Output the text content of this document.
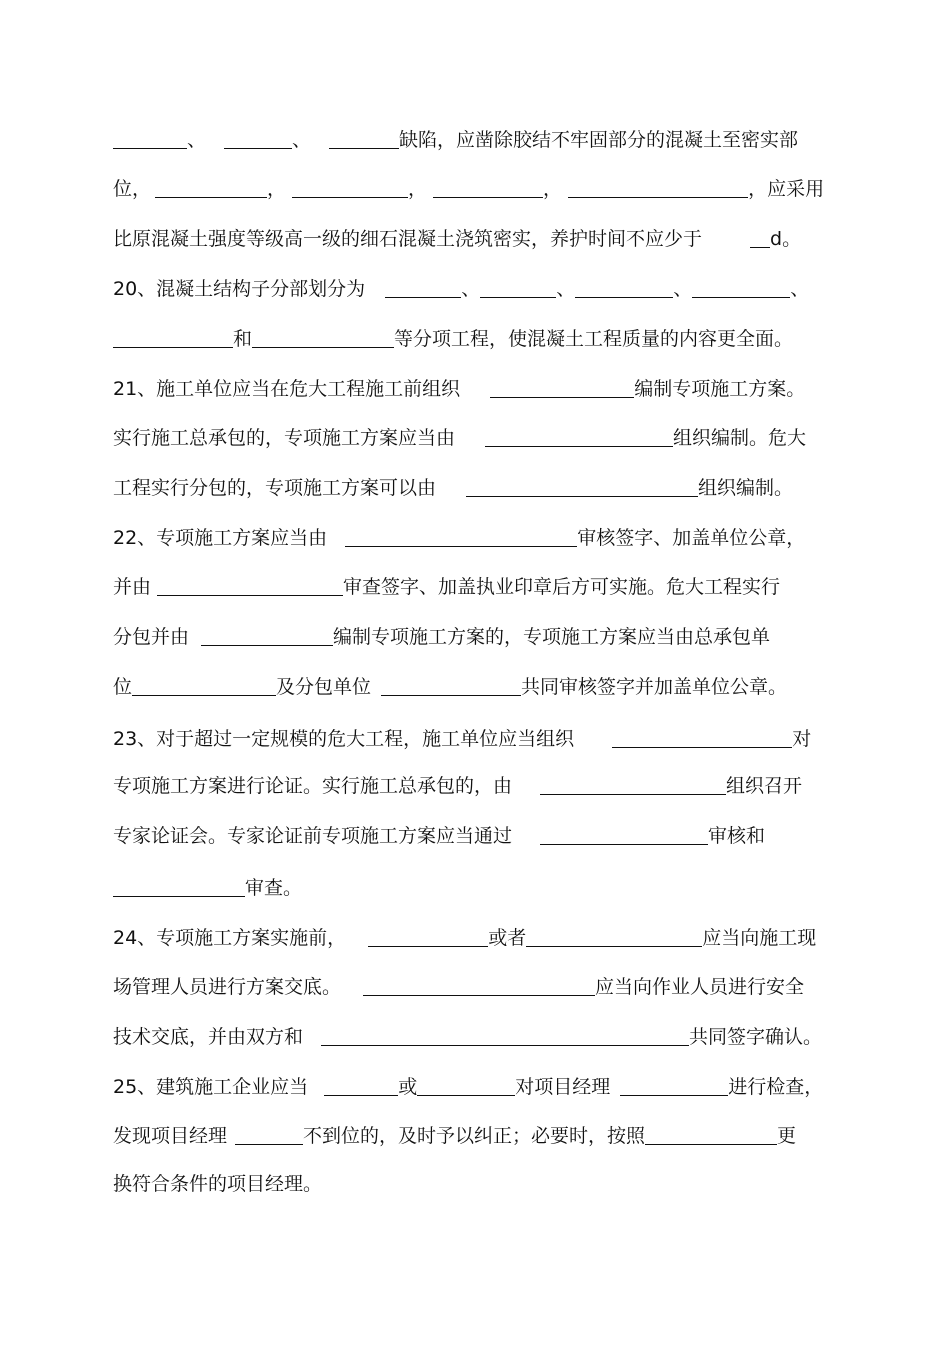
、	、	缺陷，应凿除胶结不牢固部分的混凝土至密实部
位，	，	，	，	，应采用
比原混凝土强度等级高一级的细石混凝土浇筑密实，养护时间不应少于	d。
20、混凝土结构子分部划分为	、	、	、	、
和	等分项工程，使混凝土工程质量的内容更全面。
21、施工单位应当在危大工程施工前组织	编制专项施工方案。
实行施工总承包的，专项施工方案应当由	组织编制。危大
工程实行分包的，专项施工方案可以由	组织编制。
22、专项施工方案应当由	审核签字、加盖单位公章，
并由	审查签字、加盖执业印章后方可实施。危大工程实行
分包并由	编制专项施工方案的，专项施工方案应当由总承包单
位	及分包单位	共同审核签字并加盖单位公章。
23、对于超过一定规模的危大工程，施工单位应当组织	对
专项施工方案进行论证。实行施工总承包的，由	组织召开
专家论证会。专家论证前专项施工方案应当通过	审核和
审查。
24、专项施工方案实施前，	或者	应当向施工现
场管理人员进行方案交底。	应当向作业人员进行安全
技术交底，并由双方和	共同签字确认。
25、建筑施工企业应当	或	对项目经理	进行检查，
发现项目经理	不到位的，及时予以纠正；必要时，按照	更
换符合条件的项目经理。
